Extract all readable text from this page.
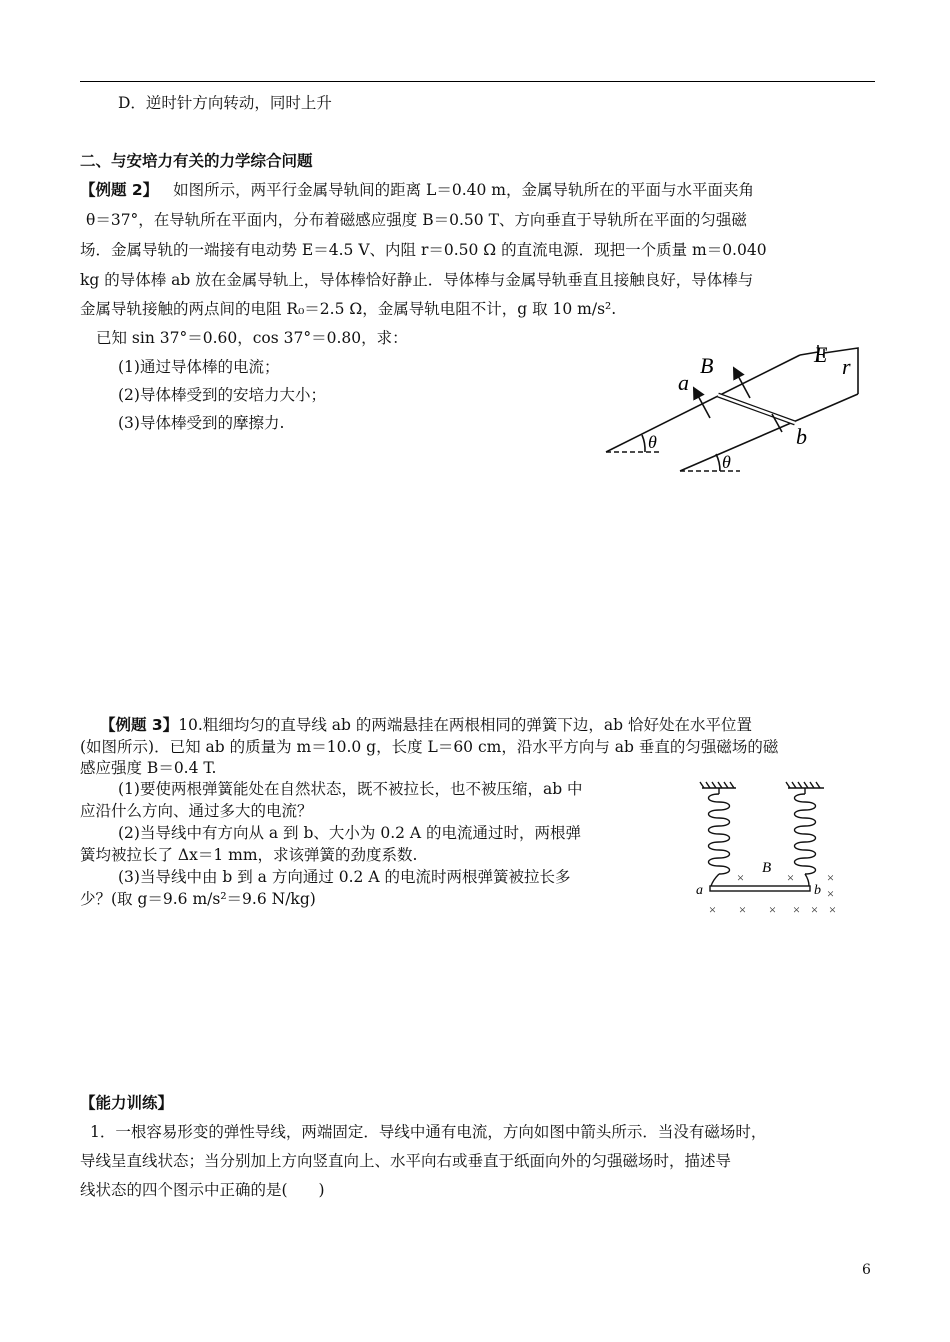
D．逆时针方向转动，同时上升
二、与安培力有关的力学综合问题
【例题 2】 如图所示，两平行金属导轨间的距离 L＝0.40 m，金属导轨所在的平面与水平面夹角
θ＝37°，在导轨所在平面内，分布着磁感应强度 B＝0.50 T、方向垂直于导轨所在平面的匀强磁
场．金属导轨的一端接有电动势 E＝4.5 V、内阻 r＝0.50 Ω 的直流电源．现把一个质量 m＝0.040
kg 的导体棒 ab 放在金属导轨上，导体棒恰好静止．导体棒与金属导轨垂直且接触良好，导体棒与
金属导轨接触的两点间的电阻 R₀＝2.5 Ω，金属导轨电阻不计，g 取 10 m/s².
已知 sin 37°＝0.60，cos 37°＝0.80，求：
(1)通过导体棒的电流；
(2)导体棒受到的安培力大小；
(3)导体棒受到的摩擦力.
a
B	E r
b
θ
θ
【例题 3】10.粗细均匀的直导线 ab 的两端悬挂在两根相同的弹簧下边，ab 恰好处在水平位置
(如图所示)．已知 ab 的质量为 m＝10.0 g，长度 L＝60 cm，沿水平方向与 ab 垂直的匀强磁场的磁
感应强度 B＝0.4 T.
(1)要使两根弹簧能处在自然状态，既不被拉长，也不被压缩，ab 中
应沿什么方向、通过多大的电流？
(2)当导线中有方向从 a 到 b、大小为 0.2 A 的电流通过时，两根弹
簧均被拉长了 Δx＝1 mm，求该弹簧的劲度系数.
(3)当导线中由 b 到 a 方向通过 0.2 A 的电流时两根弹簧被拉长多
少？(取 g＝9.6 m/s²＝9.6 N/kg)	a	b
B
×	× ×
×
× × × × × ×
【能力训练】
1．一根容易形变的弹性导线，两端固定．导线中通有电流，方向如图中箭头所示．当没有磁场时，
导线呈直线状态；当分别加上方向竖直向上、水平向右或垂直于纸面向外的匀强磁场时，描述导
线状态的四个图示中正确的是(　　)
6
